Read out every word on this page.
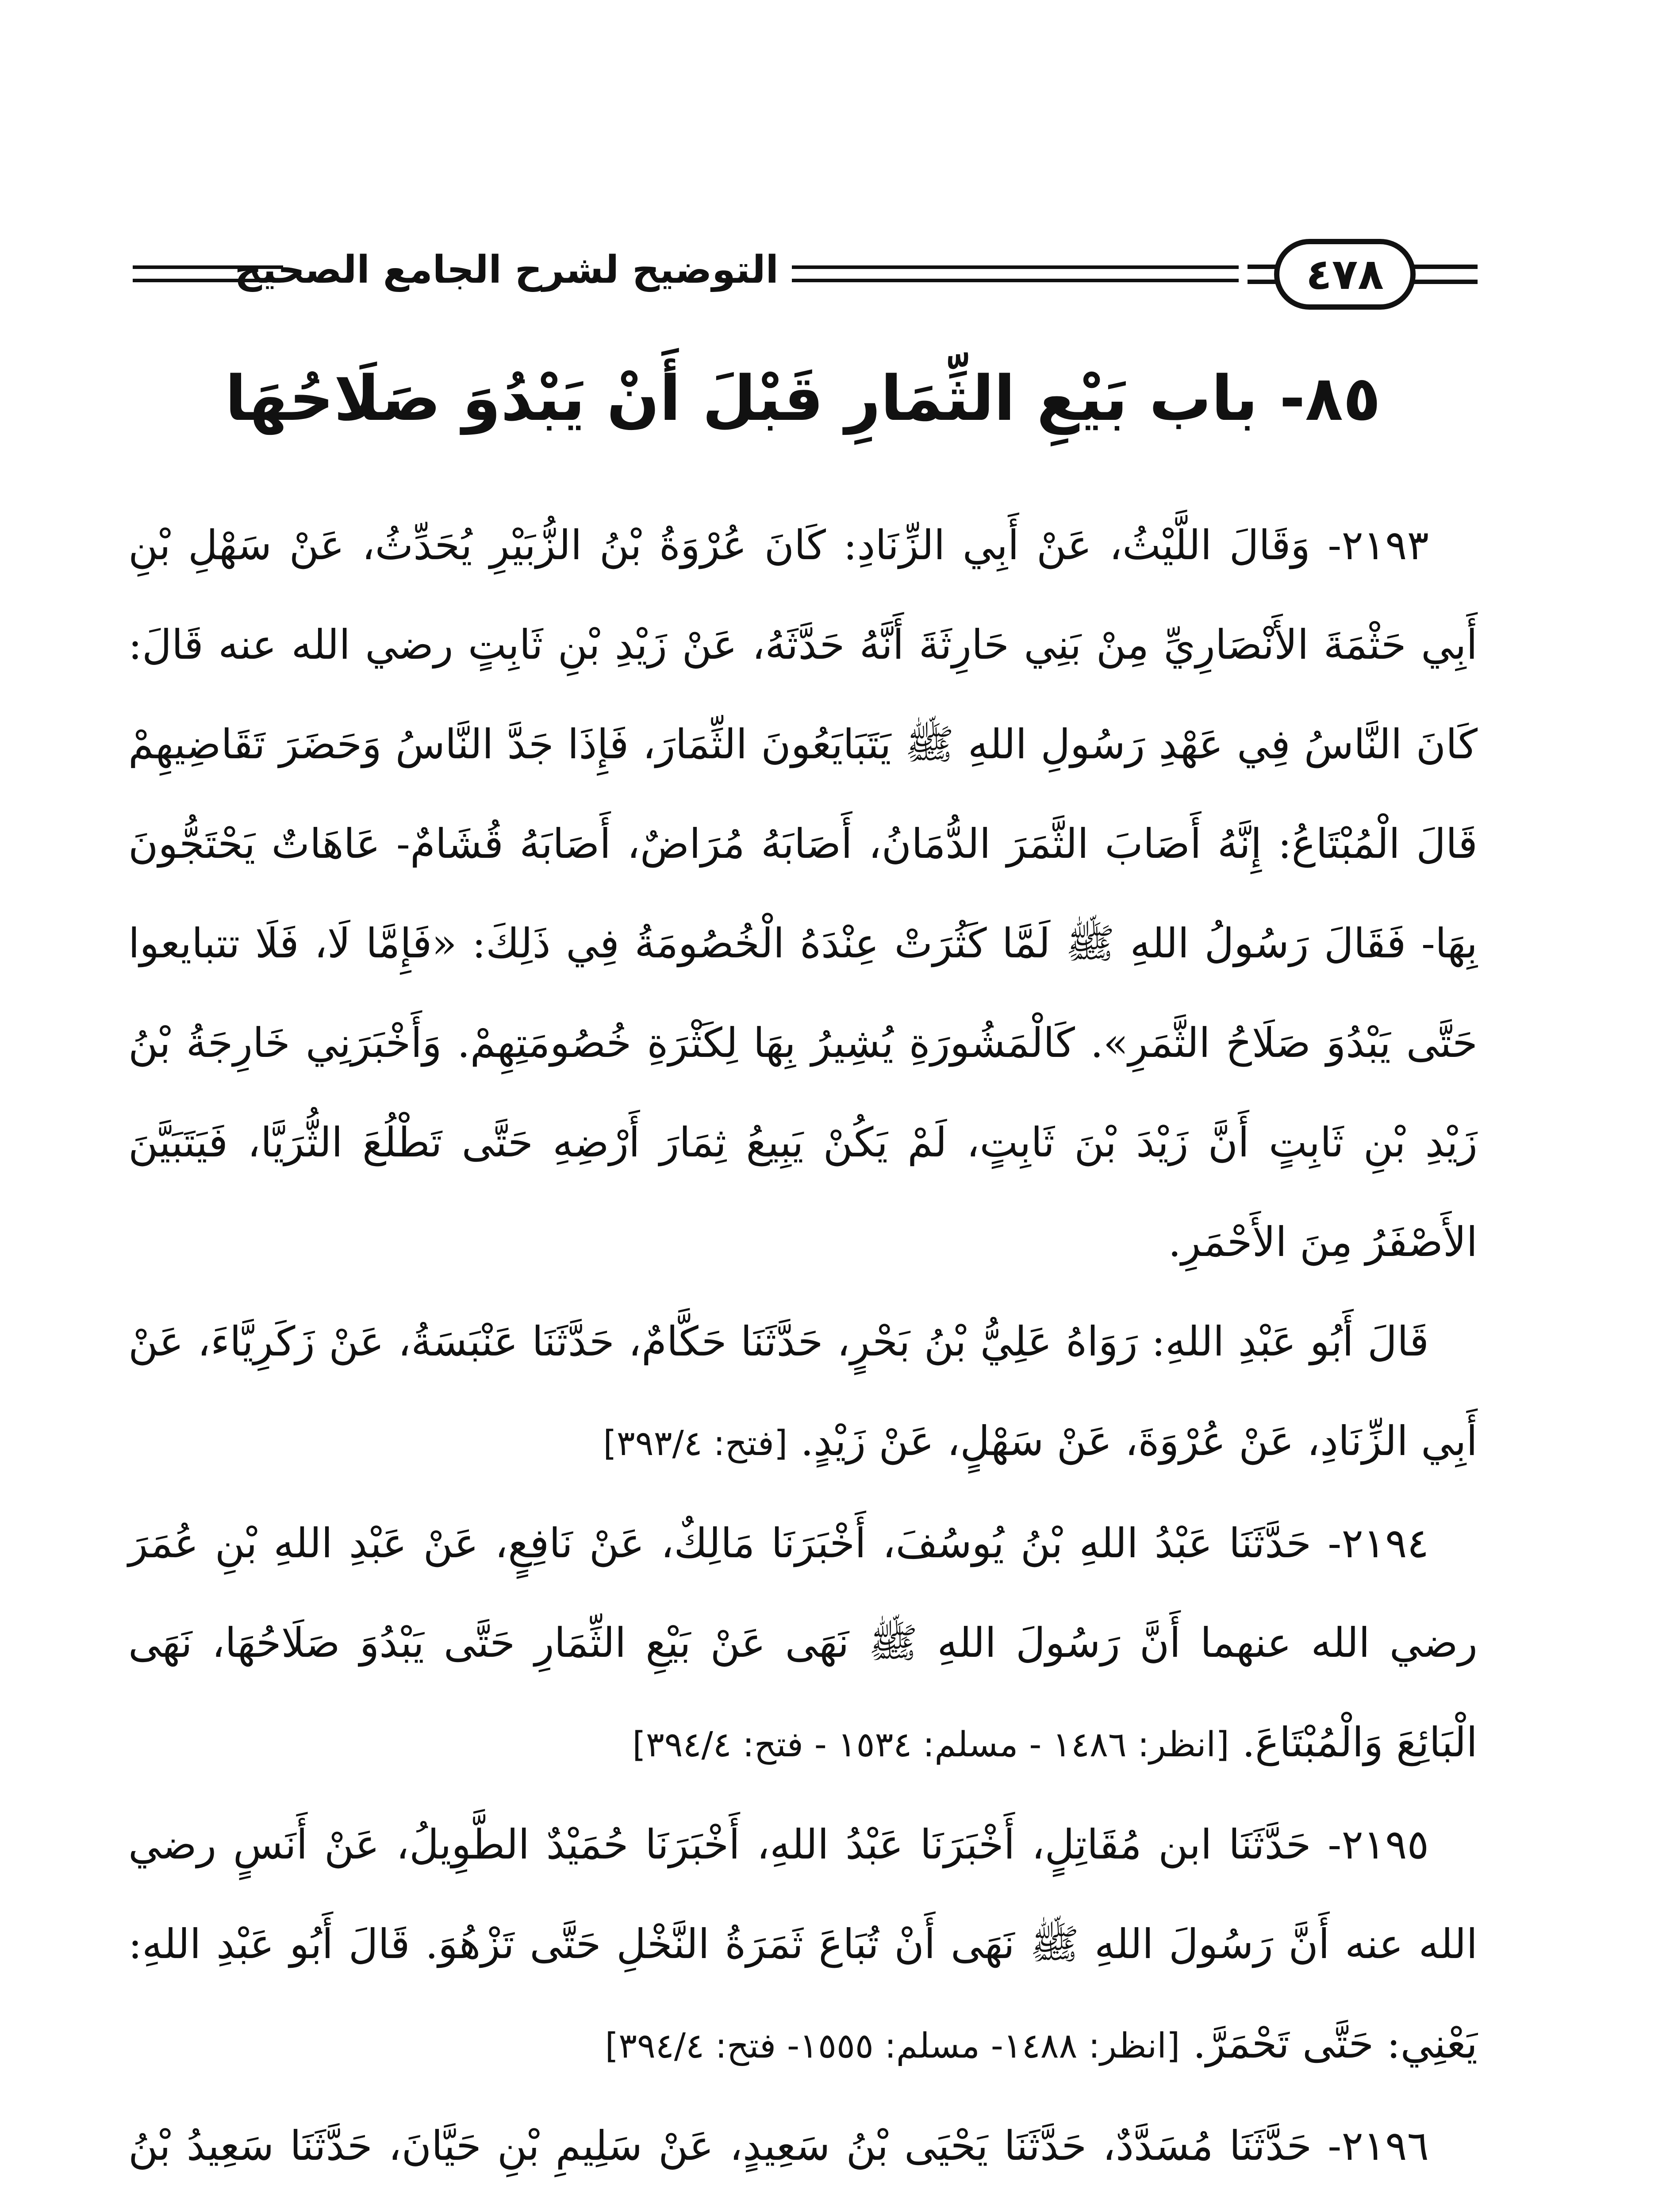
٤٧٨
التوضيح لشرح الجامع الصحيح
٨٥- باب بَيْعِ الثِّمَارِ قَبْلَ أَنْ يَبْدُوَ صَلَاحُهَا

٢١٩٣- وَقَالَ اللَّيْثُ، عَنْ أَبِي الزِّنَادِ: كَانَ عُرْوَةُ بْنُ الزُّبَيْرِ يُحَدِّثُ، عَنْ سَهْلِ بْنِ أَبِي حَثْمَةَ الأَنْصَارِيِّ مِنْ بَنِي حَارِثَةَ أَنَّهُ حَدَّثَهُ، عَنْ زَيْدِ بْنِ ثَابِتٍ رضي الله عنه قَالَ: كَانَ النَّاسُ فِي عَهْدِ رَسُولِ اللهِ ﷺ يَتَبَايَعُونَ الثِّمَارَ، فَإِذَا جَدَّ النَّاسُ وَحَضَرَ تَقَاضِيهِمْ قَالَ الْمُبْتَاعُ: إِنَّهُ أَصَابَ الثَّمَرَ الدُّمَانُ، أَصَابَهُ مُرَاضٌ، أَصَابَهُ قُشَامٌ- عَاهَاتٌ يَحْتَجُّونَ بِهَا- فَقَالَ رَسُولُ اللهِ ﷺ لَمَّا كَثُرَتْ عِنْدَهُ الْخُصُومَةُ فِي ذَلِكَ: «فَإِمَّا لَا، فَلَا تتبايعوا حَتَّى يَبْدُوَ صَلَاحُ الثَّمَرِ». كَالْمَشُورَةِ يُشِيرُ بِهَا لِكَثْرَةِ خُصُومَتِهِمْ. وَأَخْبَرَنِي خَارِجَةُ بْنُ زَيْدِ بْنِ ثَابِتٍ أَنَّ زَيْدَ بْنَ ثَابِتٍ، لَمْ يَكُنْ يَبِيعُ ثِمَارَ أَرْضِهِ حَتَّى تَطْلُعَ الثُّرَيَّا، فَيَتَبَيَّنَ الأَصْفَرُ مِنَ الأَحْمَرِ.

قَالَ أَبُو عَبْدِ اللهِ: رَوَاهُ عَلِيُّ بْنُ بَحْرٍ، حَدَّثَنَا حَكَّامٌ، حَدَّثَنَا عَنْبَسَةُ، عَنْ زَكَرِيَّاءَ، عَنْ أَبِي الزِّنَادِ، عَنْ عُرْوَةَ، عَنْ سَهْلٍ، عَنْ زَيْدٍ. [فتح: ٣٩٣/٤]

٢١٩٤- حَدَّثَنَا عَبْدُ اللهِ بْنُ يُوسُفَ، أَخْبَرَنَا مَالِكٌ، عَنْ نَافِعٍ، عَنْ عَبْدِ اللهِ بْنِ عُمَرَ رضي الله عنهما أَنَّ رَسُولَ اللهِ ﷺ نَهَى عَنْ بَيْعِ الثِّمَارِ حَتَّى يَبْدُوَ صَلَاحُهَا، نَهَى الْبَائِعَ وَالْمُبْتَاعَ. [انظر: ١٤٨٦ - مسلم: ١٥٣٤ - فتح: ٣٩٤/٤]

٢١٩٥- حَدَّثَنَا ابن مُقَاتِلٍ، أَخْبَرَنَا عَبْدُ اللهِ، أَخْبَرَنَا حُمَيْدٌ الطَّوِيلُ، عَنْ أَنَسٍ رضي الله عنه أَنَّ رَسُولَ اللهِ ﷺ نَهَى أَنْ تُبَاعَ ثَمَرَةُ النَّخْلِ حَتَّى تَزْهُوَ. قَالَ أَبُو عَبْدِ اللهِ: يَعْنِي: حَتَّى تَحْمَرَّ. [انظر: ١٤٨٨- مسلم: ١٥٥٥- فتح: ٣٩٤/٤]

٢١٩٦- حَدَّثَنَا مُسَدَّدٌ، حَدَّثَنَا يَحْيَى بْنُ سَعِيدٍ، عَنْ سَلِيمِ بْنِ حَيَّانَ، حَدَّثَنَا سَعِيدُ بْنُ
